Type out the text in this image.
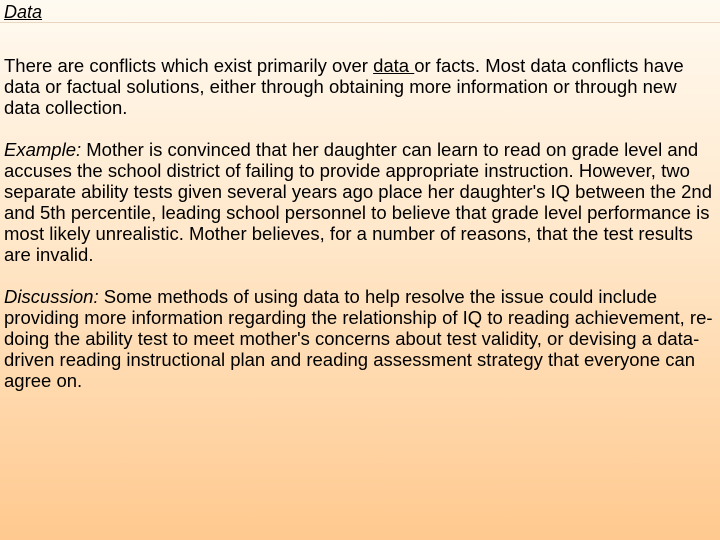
Data

There are conflicts which exist primarily over data or facts. Most data conflicts have data or factual solutions, either through obtaining more information or through new data collection.

Example: Mother is convinced that her daughter can learn to read on grade level and accuses the school district of failing to provide appropriate instruction. However, two separate ability tests given several years ago place her daughter's IQ between the 2nd and 5th percentile, leading school personnel to believe that grade level performance is most likely unrealistic. Mother believes, for a number of reasons, that the test results are invalid.

Discussion: Some methods of using data to help resolve the issue could include providing more information regarding the relationship of IQ to reading achievement, re-doing the ability test to meet mother's concerns about test validity, or devising a data-driven reading instructional plan and reading assessment strategy that everyone can agree on.
